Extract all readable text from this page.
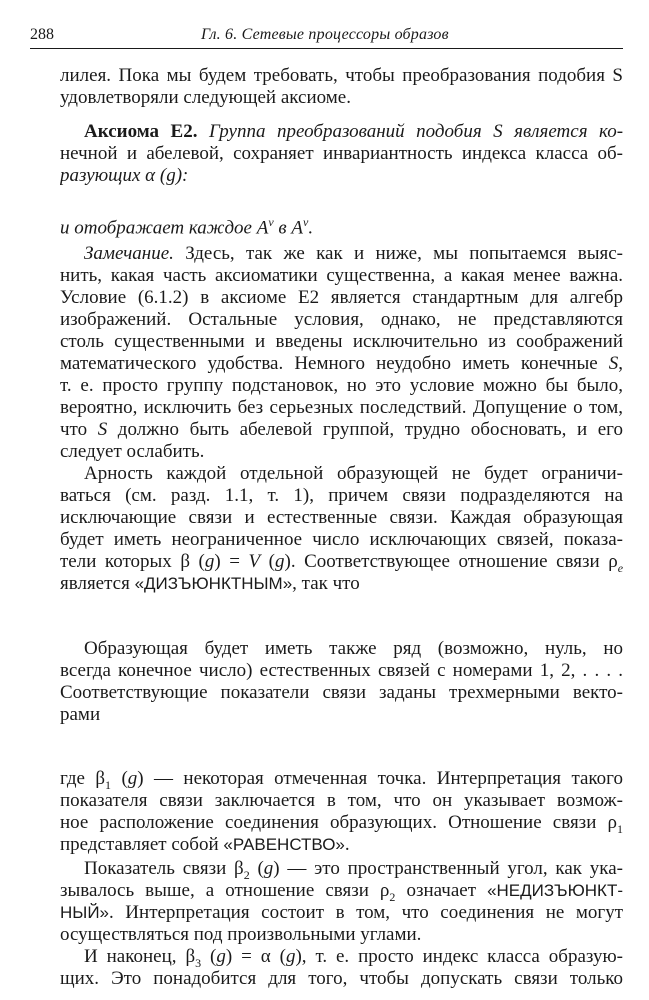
288	Гл. 6. Сетевые процессоры образов
лилея. Пока мы будем требовать, чтобы преобразования подобия S
удовлетворяли следующей аксиоме.
Аксиома E2. Группа преобразований подобия S является ко-
нечной и абелевой, сохраняет инвариантность индекса класса об-
разующих α (g):
и отображает каждое $A^v$ в $A^v$.
Замечание. Здесь, так же как и ниже, мы попытаемся выяс-
нить, какая часть аксиоматики существенна, а какая менее важна.
Условие (6.1.2) в аксиоме E2 является стандартным для алгебр
изображений. Остальные условия, однако, не представляются
столь существенными и введены исключительно из соображений
математического удобства. Немного неудобно иметь конечные S,
т. е. просто группу подстановок, но это условие можно бы было,
вероятно, исключить без серьезных последствий. Допущение о том,
что S должно быть абелевой группой, трудно обосновать, и его
следует ослабить.
Арность каждой отдельной образующей не будет ограничи-
ваться (см. разд. 1.1, т. 1), причем связи подразделяются на
исключающие связи и естественные связи. Каждая образующая
будет иметь неограниченное число исключающих связей, показа-
тели которых β (g) = V (g). Соответствующее отношение связи $\rho_e$
является «ДИЗЪЮНКТНЫМ», так что
Образующая будет иметь также ряд (возможно, нуль, но
всегда конечное число) естественных связей с номерами 1, 2, . . . .
Соответствующие показатели связи заданы трехмерными векто-
рами
где $\beta_1$ (g) — некоторая отмеченная точка. Интерпретация такого
показателя связи заключается в том, что он указывает возмож-
ное расположение соединения образующих. Отношение связи $\rho_1$
представляет собой «РАВЕНСТВО».
Показатель связи $\beta_2$ (g) — это пространственный угол, как ука-
зывалось выше, а отношение связи $\rho_2$ означает «НЕДИЗЪЮНКТ-
НЫЙ». Интерпретация состоит в том, что соединения не могут
осуществляться под произвольными углами.
И наконец, $\beta_3$ (g) = α (g), т. е. просто индекс класса образую-
щих. Это понадобится для того, чтобы допускать связи только
